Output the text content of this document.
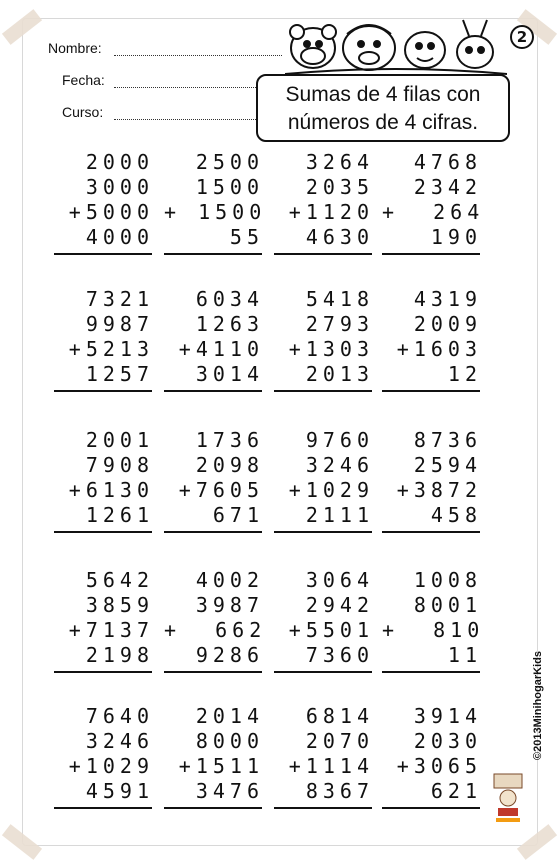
Nombre:
Fecha:
Curso:
2
Sumas de 4 filas con
números de 4 cifras.
2000
3000
+5000
4000
2500
1500
+ 1500
55
3264
2035
+1120
4630
4768
2342
+  264
190
7321
9987
+5213
1257
6034
1263
+4110
3014
5418
2793
+1303
2013
4319
2009
+1603
12
2001
7908
+6130
1261
1736
2098
+7605
671
9760
3246
+1029
2111
8736
2594
+3872
458
5642
3859
+7137
2198
4002
3987
+  662
9286
3064
2942
+5501
7360
1008
8001
+  810
11
7640
3246
+1029
4591
2014
8000
+1511
3476
6814
2070
+1114
8367
3914
2030
+3065
621
©2013MinihogarKids
